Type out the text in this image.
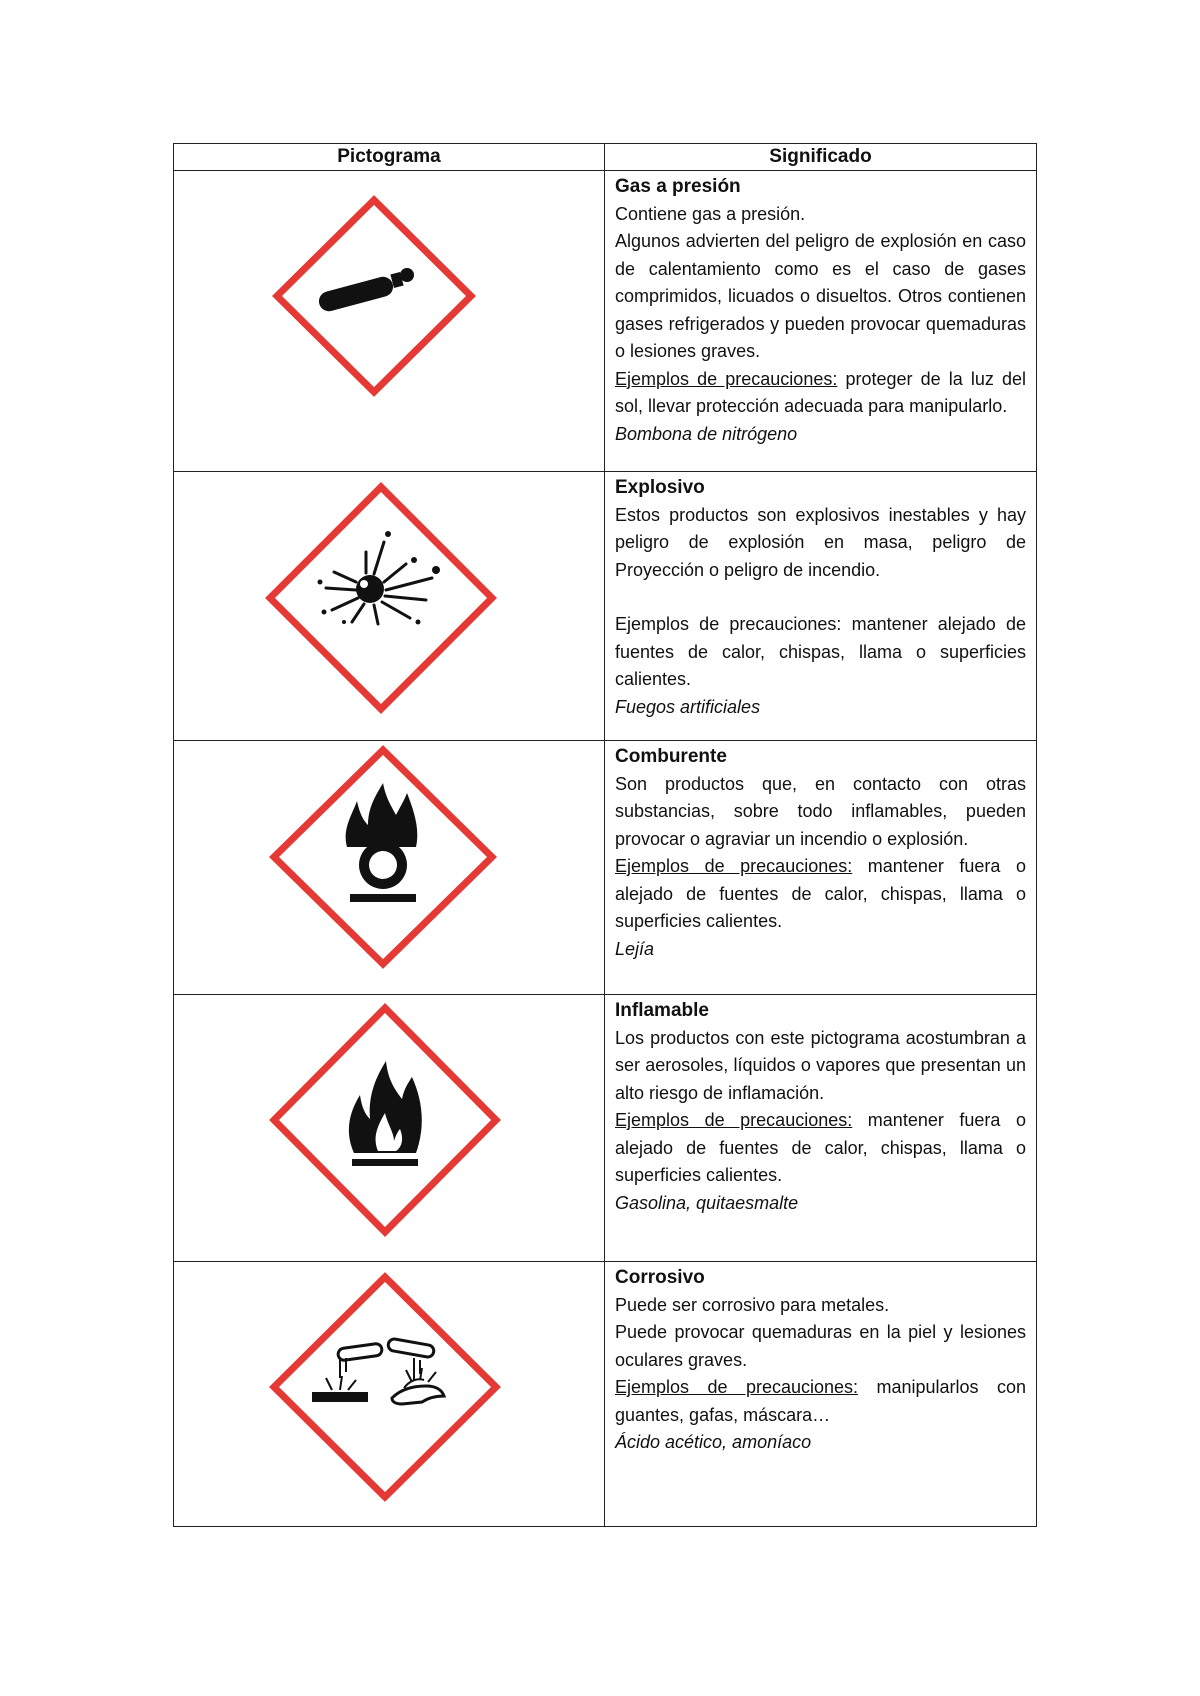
Pictograma	Significado

Gas a presión
Contiene gas a presión.
Algunos advierten del peligro de explosión en caso de calentamiento como es el caso de gases comprimidos, licuados o disueltos. Otros contienen gases refrigerados y pueden provocar quemaduras o lesiones graves.
Ejemplos de precauciones: proteger de la luz del sol, llevar protección adecuada para manipularlo.
Bombona de nitrógeno

Explosivo
Estos productos son explosivos inestables y hay peligro de explosión en masa, peligro de Proyección o peligro de incendio.
Ejemplos de precauciones: mantener alejado de fuentes de calor, chispas, llama o superficies calientes.
Fuegos artificiales

Comburente
Son productos que, en contacto con otras substancias, sobre todo inflamables, pueden provocar o agraviar un incendio o explosión.
Ejemplos de precauciones: mantener fuera o alejado de fuentes de calor, chispas, llama o superficies calientes.
Lejía

Inflamable
Los productos con este pictograma acostumbran a ser aerosoles, líquidos o vapores que presentan un alto riesgo de inflamación.
Ejemplos de precauciones: mantener fuera o alejado de fuentes de calor, chispas, llama o superficies calientes.
Gasolina, quitaesmalte

Corrosivo
Puede ser corrosivo para metales.
Puede provocar quemaduras en la piel y lesiones oculares graves.
Ejemplos de precauciones: manipularlos con guantes, gafas, máscara…
Ácido acético, amoníaco
